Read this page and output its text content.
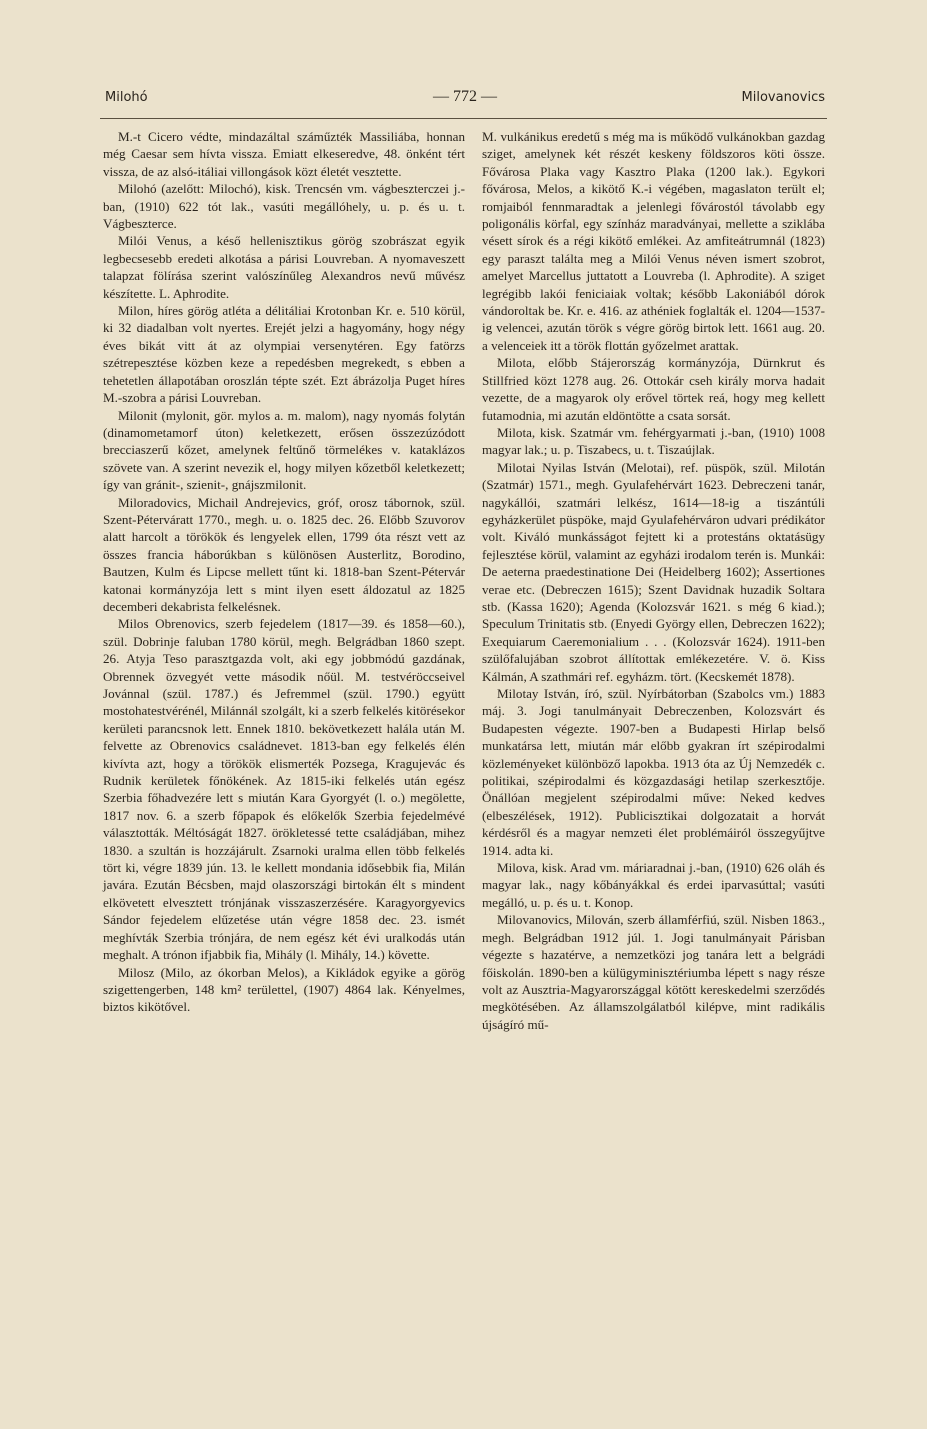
Milohó	— 772 —	Milovanovics

M.-t Cicero védte, mindazáltal száműzték Massiliába, honnan még Caesar sem hívta vissza. Emiatt elkeseredve, 48. önként tért vissza, de az alsó-itáliai villongások közt életét vesztette.

Milohó (azelőtt: Milochó), kisk. Trencsén vm. vágbeszterczei j.-ban, (1910) 622 tót lak., vasúti megállóhely, u. p. és u. t. Vágbeszterce.

Milói Venus, a késő hellenisztikus görög szobrászat egyik legbecsesebb eredeti alkotása a párisi Louvreban. A nyomaveszett talapzat fölírása szerint valószínűleg Alexandros nevű művész készítette. L. Aphrodite.

Milon, híres görög atléta a délitáliai Krotonban Kr. e. 510 körül, ki 32 diadalban volt nyertes. Erejét jelzi a hagyomány, hogy négy éves bikát vitt át az olympiai versenytéren. Egy fatörzs szétrepesztése közben keze a repedésben megrekedt, s ebben a tehetetlen állapotában oroszlán tépte szét. Ezt ábrázolja Puget híres M.-szobra a párisi Louvreban.

Milonit (mylonit, gör. mylos a. m. malom), nagy nyomás folytán (dinamometamorf úton) keletkezett, erősen összezúzódott brecciaszerű kőzet, amelynek feltűnő törmelékes v. kataklázos szövete van. A szerint nevezik el, hogy milyen kőzetből keletkezett; így van gránit-, szienit-, gnájszmilonit.

Miloradovics, Michail Andrejevics, gróf, orosz tábornok, szül. Szent-Péterváratt 1770., megh. u. o. 1825 dec. 26. Előbb Szuvorov alatt harcolt a törökök és lengyelek ellen, 1799 óta részt vett az összes francia háborúkban s különösen Austerlitz, Borodino, Bautzen, Kulm és Lipcse mellett tűnt ki. 1818-ban Szent-Pétervár katonai kormányzója lett s mint ilyen esett áldozatul az 1825 decemberi dekabrista felkelésnek.

Milos Obrenovics, szerb fejedelem (1817—39. és 1858—60.), szül. Dobrinje faluban 1780 körül, megh. Belgrádban 1860 szept. 26. Atyja Teso parasztgazda volt, aki egy jobbmódú gazdának, Obrennek özvegyét vette második nőül. M. testvéröccseivel Jovánnal (szül. 1787.) és Jefremmel (szül. 1790.) együtt mostohatestvérénél, Milánnál szolgált, ki a szerb felkelés kitörésekor kerületi parancsnok lett. Ennek 1810. bekövetkezett halála után M. felvette az Obrenovics családnevet. 1813-ban egy felkelés élén kivívta azt, hogy a törökök elismerték Pozsega, Kragujevác és Rudnik kerületek főnökének. Az 1815-iki felkelés után egész Szerbia főhadvezére lett s miután Kara Gyorgyét (l. o.) megölette, 1817 nov. 6. a szerb főpapok és előkelők Szerbia fejedelmévé választották. Méltóságát 1827. örökletessé tette családjában, mihez 1830. a szultán is hozzájárult. Zsarnoki uralma ellen több felkelés tört ki, végre 1839 jún. 13. le kellett mondania idősebbik fia, Milán javára. Ezután Bécsben, majd olaszországi birtokán élt s mindent elkövetett elvesztett trónjának visszaszerzésére. Karagyorgyevics Sándor fejedelem elűzetése után végre 1858 dec. 23. ismét meghívták Szerbia trónjára, de nem egész két évi uralkodás után meghalt. A trónon ifjabbik fia, Mihály (l. Mihály, 14.) követte.

Milosz (Milo, az ókorban Melos), a Kikládok egyike a görög szigettengerben, 148 km² területtel, (1907) 4864 lak. Kényelmes, biztos kikötővel.

M. vulkánikus eredetű s még ma is működő vulkánokban gazdag sziget, amelynek két részét keskeny földszoros köti össze. Fővárosa Plaka vagy Kasztro Plaka (1200 lak.). Egykori fővárosa, Melos, a kikötő K.-i végében, magaslaton terült el; romjaiból fennmaradtak a jelenlegi fővárostól távolabb egy poligonális körfal, egy színház maradványai, mellette a sziklába vésett sírok és a régi kikötő emlékei. Az amfiteátrumnál (1823) egy paraszt találta meg a Milói Venus néven ismert szobrot, amelyet Marcellus juttatott a Louvreba (l. Aphrodite). A sziget legrégibb lakói feniciaiak voltak; később Lakoniából dórok vándoroltak be. Kr. e. 416. az athéniek foglalták el. 1204—1537-ig velencei, azután török s végre görög birtok lett. 1661 aug. 20. a velenceiek itt a török flottán győzelmet arattak.

Milota, előbb Stájerország kormányzója, Dürnkrut és Stillfried közt 1278 aug. 26. Ottokár cseh király morva hadait vezette, de a magyarok oly erővel törtek reá, hogy meg kellett futamodnia, mi azután eldöntötte a csata sorsát.

Milota, kisk. Szatmár vm. fehérgyarmati j.-ban, (1910) 1008 magyar lak.; u. p. Tiszabecs, u. t. Tiszaújlak.

Milotai Nyilas István (Melotai), ref. püspök, szül. Milotán (Szatmár) 1571., megh. Gyulafehérvárt 1623. Debreczeni tanár, nagykállói, szatmári lelkész, 1614—18-ig a tiszántúli egyházkerület püspöke, majd Gyulafehérváron udvari prédikátor volt. Kiváló munkásságot fejtett ki a protestáns oktatásügy fejlesztése körül, valamint az egyházi irodalom terén is. Munkái: De aeterna praedestinatione Dei (Heidelberg 1602); Assertiones verae etc. (Debreczen 1615); Szent Davidnak huzadik Soltara stb. (Kassa 1620); Agenda (Kolozsvár 1621. s még 6 kiad.); Speculum Trinitatis stb. (Enyedi György ellen, Debreczen 1622); Exequiarum Caeremonialium . . . (Kolozsvár 1624). 1911-ben szülőfalujában szobrot állítottak emlékezetére. V. ö. Kiss Kálmán, A szathmári ref. egyházm. tört. (Kecskemét 1878).

Milotay István, író, szül. Nyírbátorban (Szabolcs vm.) 1883 máj. 3. Jogi tanulmányait Debreczenben, Kolozsvárt és Budapesten végezte. 1907-ben a Budapesti Hirlap belső munkatársa lett, miután már előbb gyakran írt szépirodalmi közleményeket különböző lapokba. 1913 óta az Új Nemzedék c. politikai, szépirodalmi és közgazdasági hetilap szerkesztője. Önállóan megjelent szépirodalmi műve: Neked kedves (elbeszélések, 1912). Publicisztikai dolgozatait a horvát kérdésről és a magyar nemzeti élet problémáiról összegyűjtve 1914. adta ki.

Milova, kisk. Arad vm. máriaradnai j.-ban, (1910) 626 oláh és magyar lak., nagy kőbányákkal és erdei iparvasúttal; vasúti megálló, u. p. és u. t. Konop.

Milovanovics, Milován, szerb államférfiú, szül. Nisben 1863., megh. Belgrádban 1912 júl. 1. Jogi tanulmányait Párisban végezte s hazatérve, a nemzetközi jog tanára lett a belgrádi főiskolán. 1890-ben a külügyminisztériumba lépett s nagy része volt az Ausztria-Magyarországgal kötött kereskedelmi szerződés megkötésében. Az államszolgálatból kilépve, mint radikális újságíró mű-
